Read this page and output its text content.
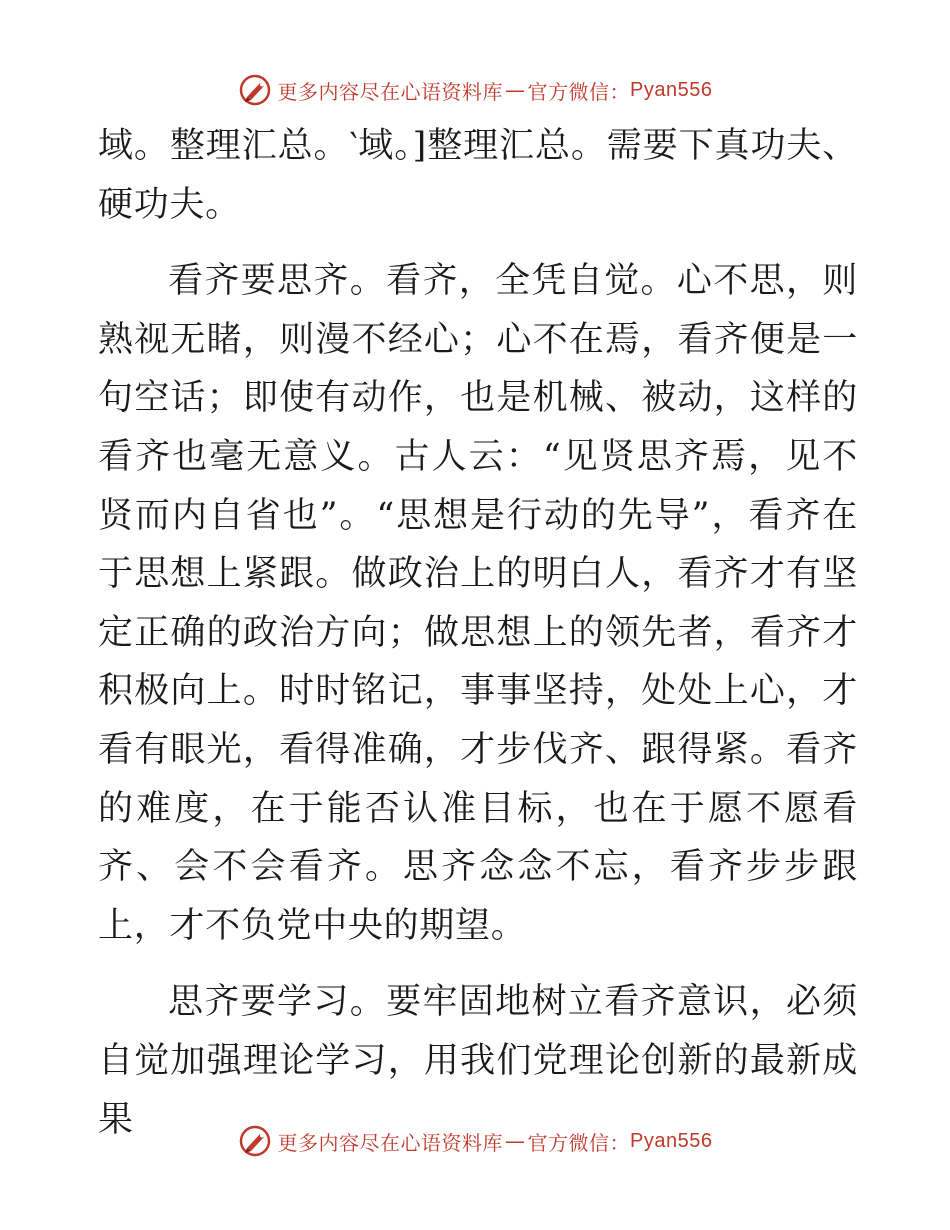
更多内容尽在心语资料库 — 官方微信： Pyan556

域。整理汇总。‵域。]整理汇总。需要下真功夫、硬功夫。

看齐要思齐。看齐，全凭自觉。心不思，则熟视无睹，则漫不经心；心不在焉，看齐便是一句空话；即使有动作，也是机械、被动，这样的看齐也毫无意义。古人云：“见贤思齐焉，见不贤而内自省也”。“思想是行动的先导”，看齐在于思想上紧跟。做政治上的明白人，看齐才有坚定正确的政治方向；做思想上的领先者，看齐才积极向上。时时铭记，事事坚持，处处上心，才看有眼光，看得准确，才步伐齐、跟得紧。看齐的难度，在于能否认准目标，也在于愿不愿看齐、会不会看齐。思齐念念不忘，看齐步步跟上，才不负党中央的期望。

思齐要学习。要牢固地树立看齐意识，必须自觉加强理论学习，用我们党理论创新的最新成果

更多内容尽在心语资料库 — 官方微信： Pyan556
